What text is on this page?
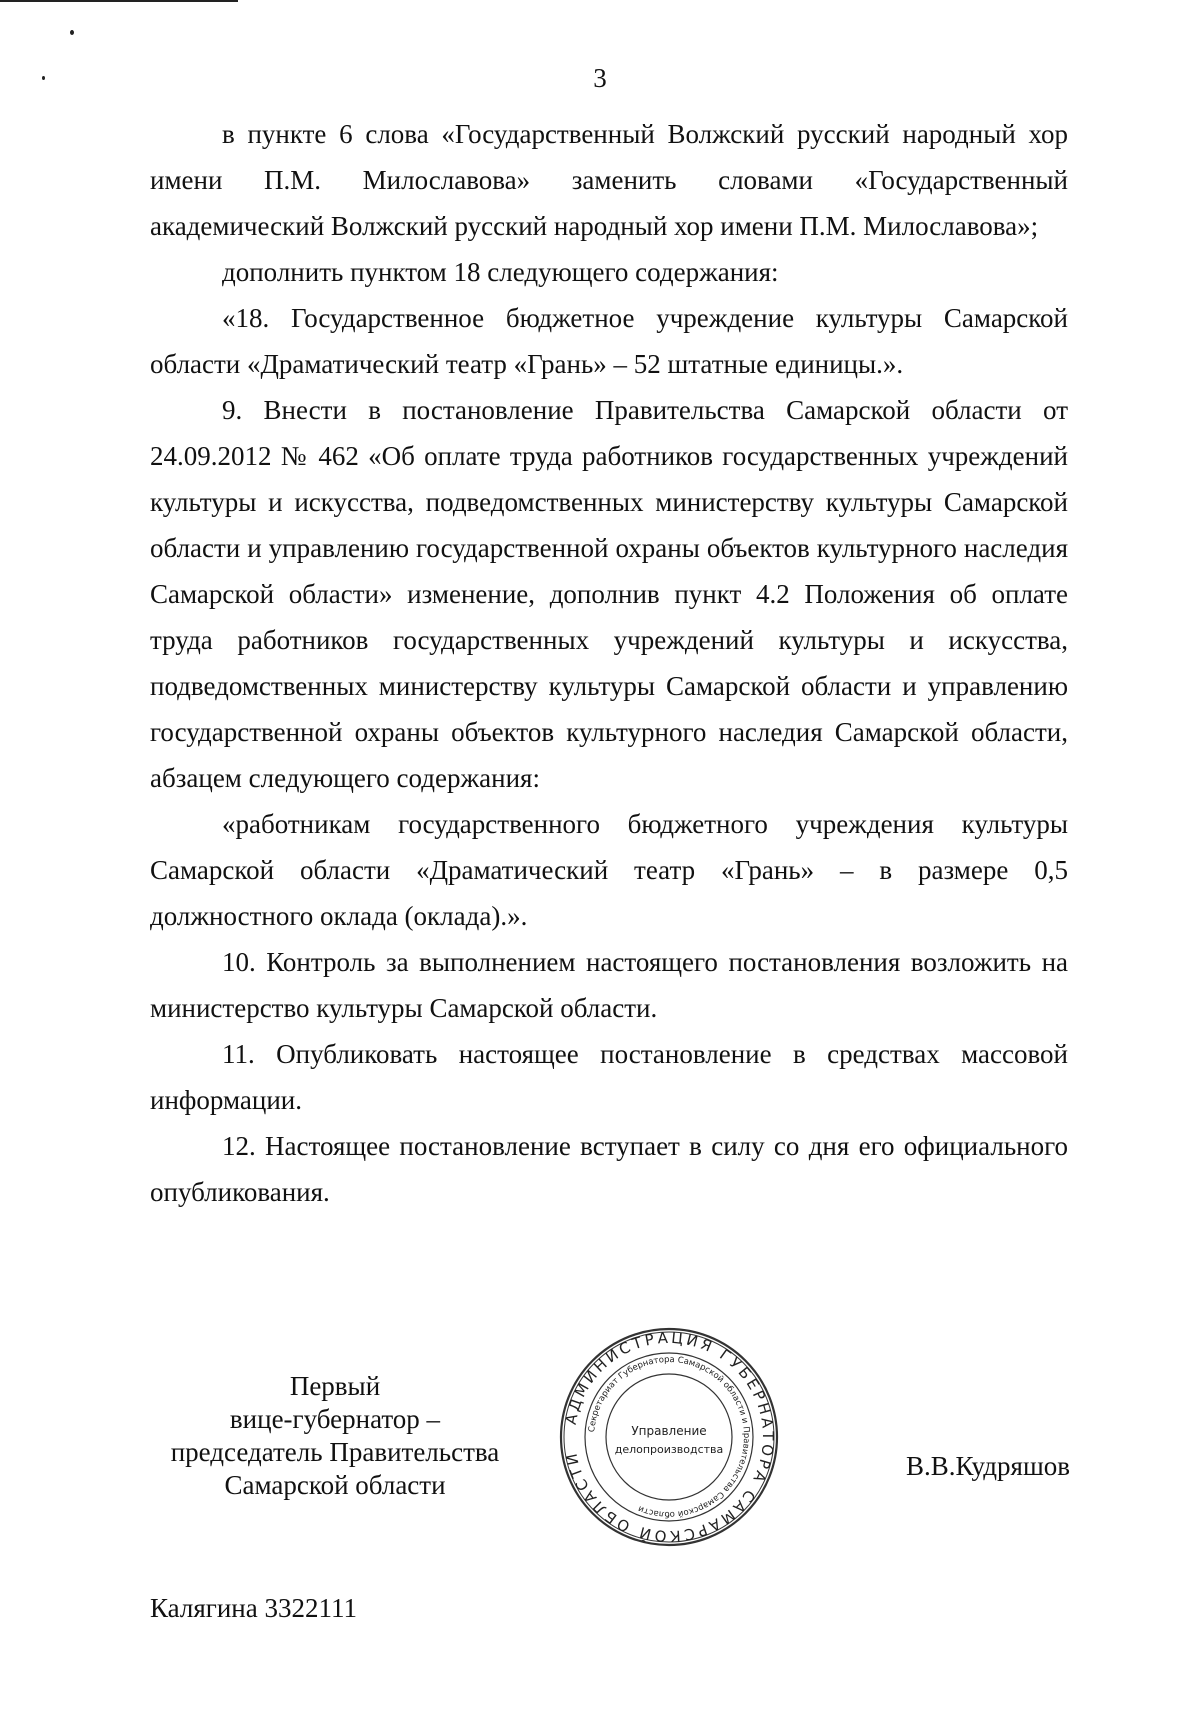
3

в пункте 6 слова «Государственный Волжский русский народный хор имени П.М. Милославова» заменить словами «Государственный академический Волжский русский народный хор имени П.М. Милославова»;

дополнить пунктом 18 следующего содержания:

«18. Государственное бюджетное учреждение культуры Самарской области «Драматический театр «Грань» – 52 штатные единицы.».

9. Внести в постановление Правительства Самарской области от 24.09.2012 № 462 «Об оплате труда работников государственных учреждений культуры и искусства, подведомственных министерству культуры Самарской области и управлению государственной охраны объектов культурного наследия Самарской области» изменение, дополнив пункт 4.2 Положения об оплате труда работников государственных учреждений культуры и искусства, подведомственных министерству культуры Самарской области и управлению государственной охраны объектов культурного наследия Самарской области, абзацем следующего содержания:

«работникам государственного бюджетного учреждения культуры Самарской области «Драматический театр «Грань» – в размере 0,5 должностного оклада (оклада).».

10. Контроль за выполнением настоящего постановления возложить на министерство культуры Самарской области.

11. Опубликовать настоящее постановление в средствах массовой информации.

12. Настоящее постановление вступает в силу со дня его официального опубликования.

Первый
вице-губернатор –
председатель Правительства
Самарской области
АДМИНИСТРАЦИЯ ГУБЕРНАТОРА САМАРСКОЙ ОБЛАСТИ
Секретариат Губернатора Самарской области и Правительства Самарской области
Управление
делопроизводства
В.В.Кудряшов
Калягина 3322111
